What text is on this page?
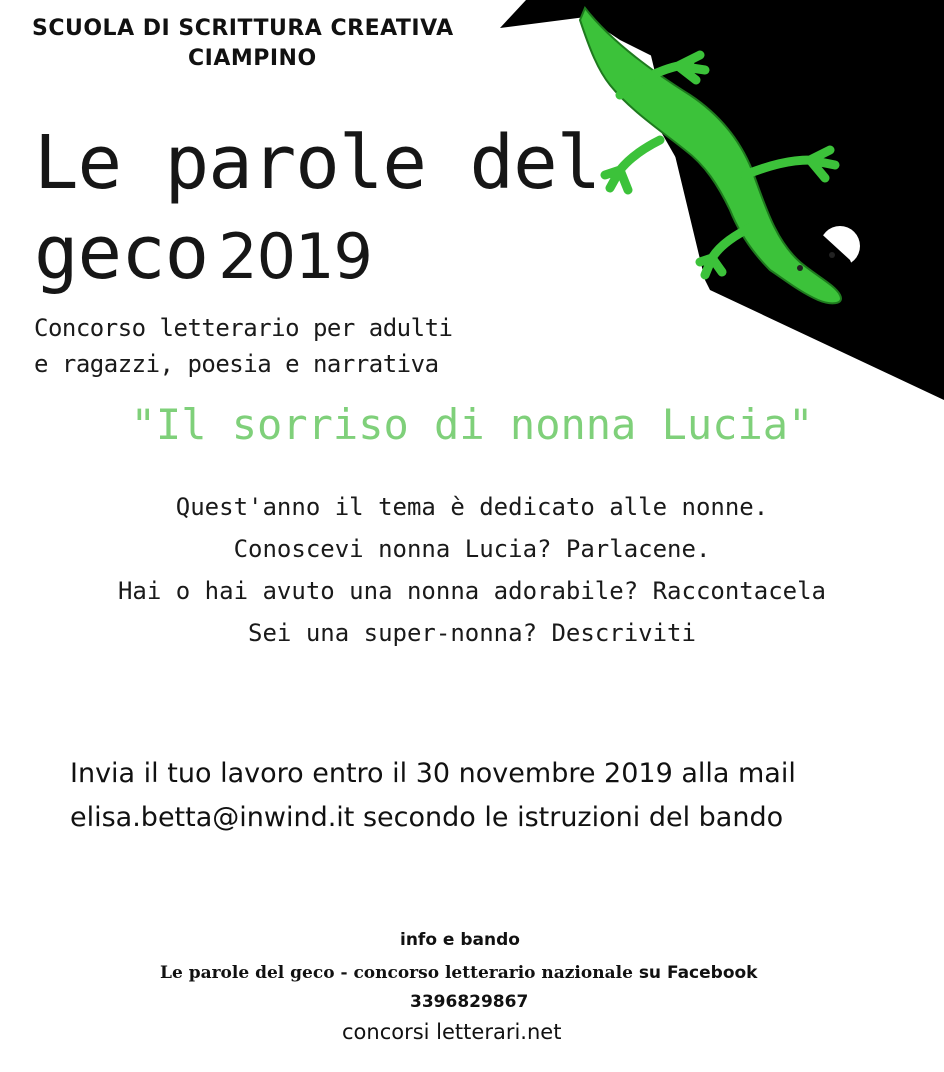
SCUOLA DI SCRITTURA CREATIVA
CIAMPINO
Le parole del
geco 2019
Concorso letterario per adulti
e ragazzi, poesia e narrativa
"Il sorriso di nonna Lucia"
Quest'anno il tema è dedicato alle nonne.
Conoscevi nonna Lucia? Parlacene.
Hai o hai avuto una nonna adorabile? Raccontacela
Sei una super-nonna? Descriviti
Invia il tuo lavoro entro il 30 novembre 2019 alla mail
elisa.betta@inwind.it secondo le istruzioni del bando
info e bando
Le parole del geco - concorso letterario nazionale su Facebook
3396829867
concorsi letterari.net
